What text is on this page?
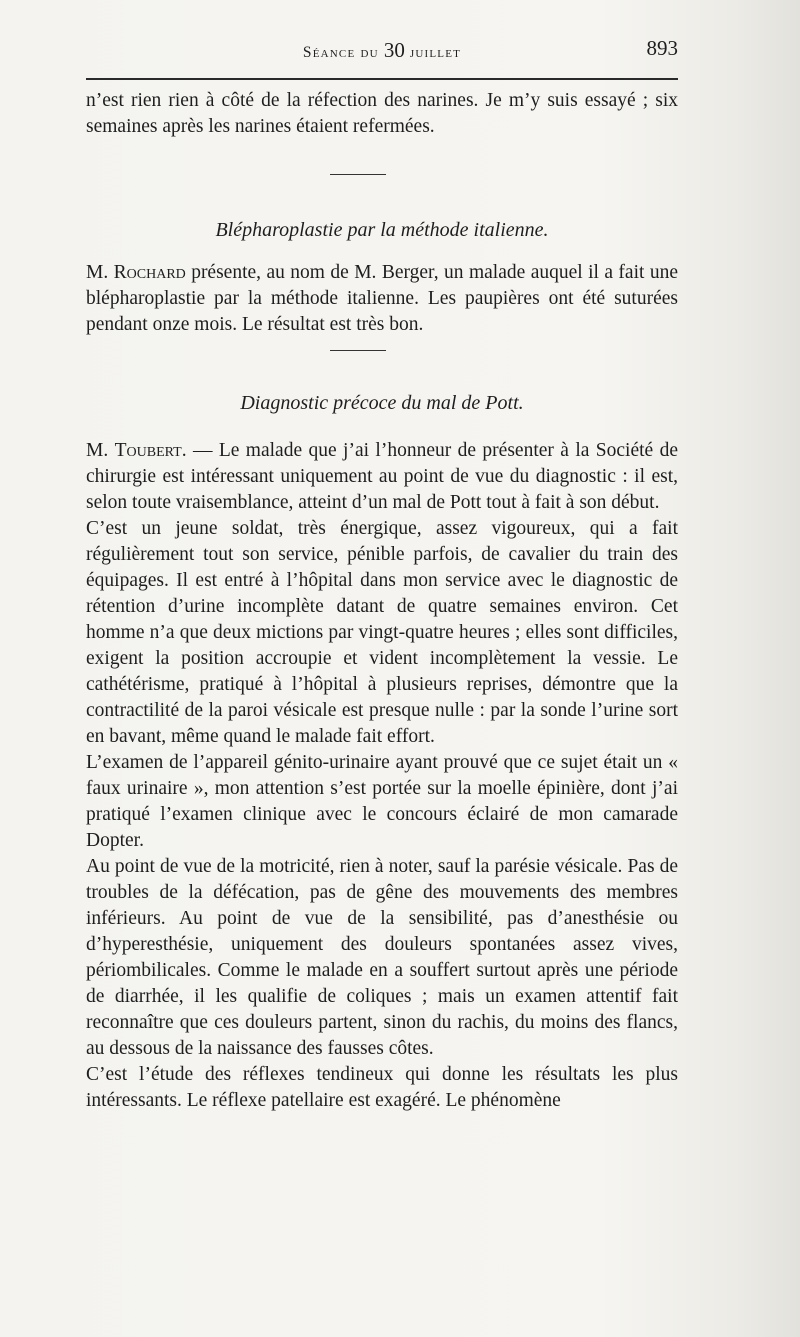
Séance du 30 juillet	893

n’est rien rien à côté de la réfection des narines. Je m’y suis essayé ; six semaines après les narines étaient refermées.

Blépharoplastie par la méthode italienne.

M. Rochard présente, au nom de M. Berger, un malade auquel il a fait une blépharoplastie par la méthode italienne. Les paupières ont été suturées pendant onze mois. Le résultat est très bon.

Diagnostic précoce du mal de Pott.

M. Toubert. — Le malade que j’ai l’honneur de présenter à la Société de chirurgie est intéressant uniquement au point de vue du diagnostic : il est, selon toute vraisemblance, atteint d’un mal de Pott tout à fait à son début.

C’est un jeune soldat, très énergique, assez vigoureux, qui a fait régulièrement tout son service, pénible parfois, de cavalier du train des équipages. Il est entré à l’hôpital dans mon service avec le diagnostic de rétention d’urine incomplète datant de quatre semaines environ. Cet homme n’a que deux mictions par vingt-quatre heures ; elles sont difficiles, exigent la position accroupie et vident incomplètement la vessie. Le cathétérisme, pratiqué à l’hôpital à plusieurs reprises, démontre que la contractilité de la paroi vésicale est presque nulle : par la sonde l’urine sort en bavant, même quand le malade fait effort.

L’examen de l’appareil génito-urinaire ayant prouvé que ce sujet était un « faux urinaire », mon attention s’est portée sur la moelle épinière, dont j’ai pratiqué l’examen clinique avec le concours éclairé de mon camarade Dopter.

Au point de vue de la motricité, rien à noter, sauf la parésie vésicale. Pas de troubles de la défécation, pas de gêne des mouvements des membres inférieurs. Au point de vue de la sensibilité, pas d’anesthésie ou d’hyperesthésie, uniquement des douleurs spontanées assez vives, périombilicales. Comme le malade en a souffert surtout après une période de diarrhée, il les qualifie de coliques ; mais un examen attentif fait reconnaître que ces douleurs partent, sinon du rachis, du moins des flancs, au dessous de la naissance des fausses côtes.

C’est l’étude des réflexes tendineux qui donne les résultats les plus intéressants. Le réflexe patellaire est exagéré. Le phénomène
